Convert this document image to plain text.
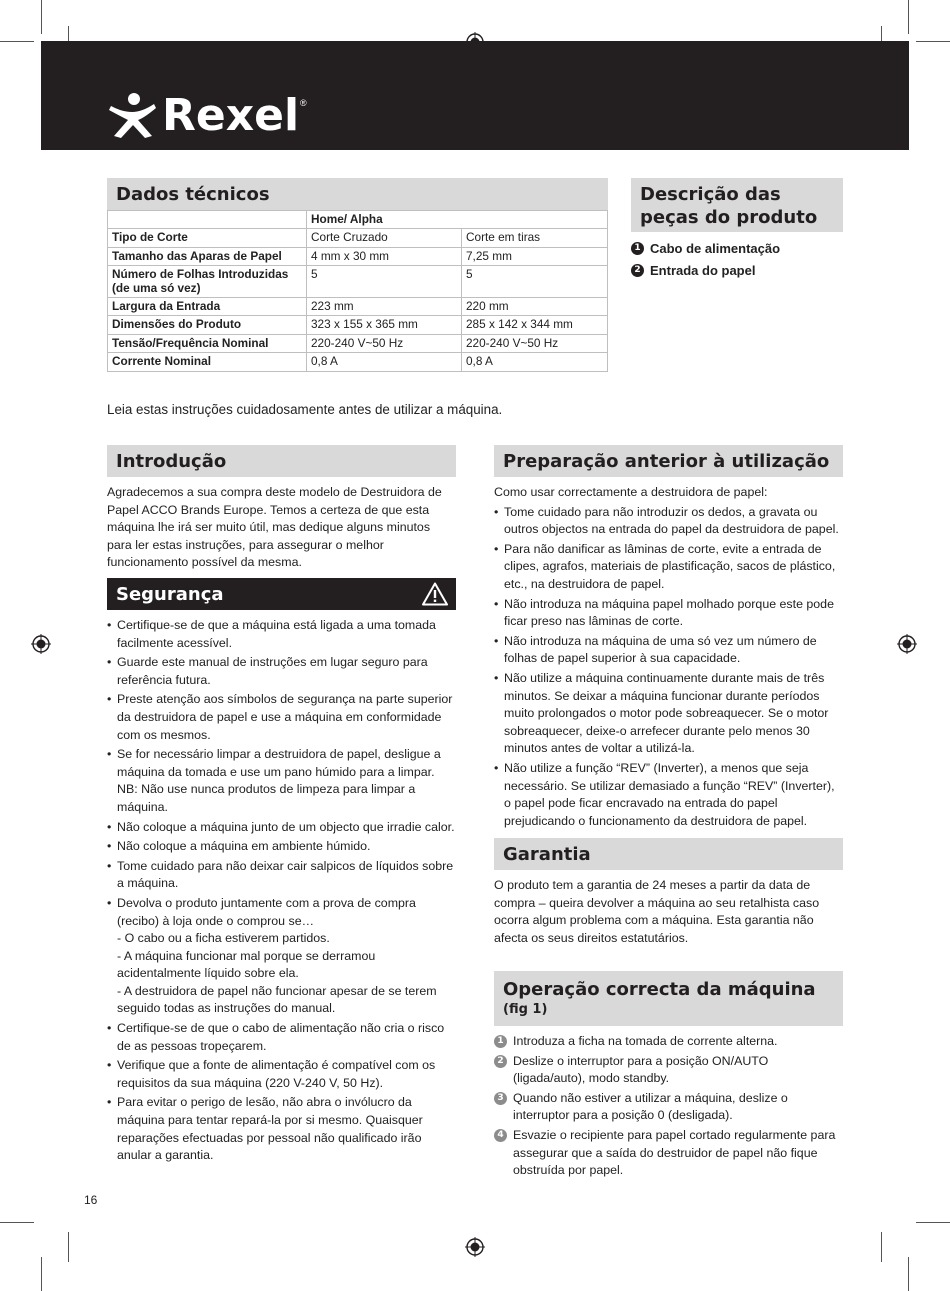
Rexel ®
Dados técnicos
	Home/ Alpha	
Tipo de Corte	Corte Cruzado	Corte em tiras
Tamanho das Aparas de Papel	4 mm x 30 mm	7,25 mm
Número de Folhas Introduzidas (de uma só vez)	5	5
Largura da Entrada	223 mm	220 mm
Dimensões do Produto	323 x 155 x 365 mm	285 x 142 x 344 mm
Tensão/Frequência Nominal	220-240 V~50 Hz	220-240 V~50 Hz
Corrente Nominal	0,8 A	0,8 A
Descrição das
peças do produto
1 Cabo de alimentação
2 Entrada do papel
Leia estas instruções cuidadosamente antes de utilizar a máquina.
Introdução

Agradecemos a sua compra deste modelo de Destruidora de Papel ACCO Brands Europe. Temos a certeza de que esta máquina lhe irá ser muito útil, mas dedique alguns minutos para ler estas instruções, para assegurar o melhor funcionamento possível da mesma.

Segurança
• Certifique-se de que a máquina está ligada a uma tomada facilmente acessível.
• Guarde este manual de instruções em lugar seguro para referência futura.
• Preste atenção aos símbolos de segurança na parte superior da destruidora de papel e use a máquina em conformidade com os mesmos.
• Se for necessário limpar a destruidora de papel, desligue a máquina da tomada e use um pano húmido para a limpar. NB: Não use nunca produtos de limpeza para limpar a máquina.
• Não coloque a máquina junto de um objecto que irradie calor.
• Não coloque a máquina em ambiente húmido.
• Tome cuidado para não deixar cair salpicos de líquidos sobre a máquina.
• Devolva o produto juntamente com a prova de compra (recibo) à loja onde o comprou se…
- O cabo ou a ficha estiverem partidos.
- A máquina funcionar mal porque se derramou acidentalmente líquido sobre ela.
- A destruidora de papel não funcionar apesar de se terem seguido todas as instruções do manual.
• Certifique-se de que o cabo de alimentação não cria o risco de as pessoas tropeçarem.
• Verifique que a fonte de alimentação é compatível com os requisitos da sua máquina (220 V-240 V, 50 Hz).
• Para evitar o perigo de lesão, não abra o invólucro da máquina para tentar repará-la por si mesmo. Quaisquer reparações efectuadas por pessoal não qualificado irão anular a garantia.
Preparação anterior à utilização

Como usar correctamente a destruidora de papel:

• Tome cuidado para não introduzir os dedos, a gravata ou outros objectos na entrada do papel da destruidora de papel.
• Para não danificar as lâminas de corte, evite a entrada de clipes, agrafos, materiais de plastificação, sacos de plástico, etc., na destruidora de papel.
• Não introduza na máquina papel molhado porque este pode ficar preso nas lâminas de corte.
• Não introduza na máquina de uma só vez um número de folhas de papel superior à sua capacidade.
• Não utilize a máquina continuamente durante mais de três minutos. Se deixar a máquina funcionar durante períodos muito prolongados o motor pode sobreaquecer. Se o motor sobreaquecer, deixe-o arrefecer durante pelo menos 30 minutos antes de voltar a utilizá-la.
• Não utilize a função “REV” (Inverter), a menos que seja necessário. Se utilizar demasiado a função “REV” (Inverter), o papel pode ficar encravado na entrada do papel prejudicando o funcionamento da destruidora de papel.
Garantia

O produto tem a garantia de 24 meses a partir da data de compra – queira devolver a máquina ao seu retalhista caso ocorra algum problema com a máquina. Esta garantia não afecta os seus direitos estatutários.

Operação correcta da máquina
(fig 1)
1 Introduza a ficha na tomada de corrente alterna.
2 Deslize o interruptor para a posição ON/AUTO (ligada/auto), modo standby.
3 Quando não estiver a utilizar a máquina, deslize o interruptor para a posição 0 (desligada).
4 Esvazie o recipiente para papel cortado regularmente para assegurar que a saída do destruidor de papel não fique obstruída por papel.
16
